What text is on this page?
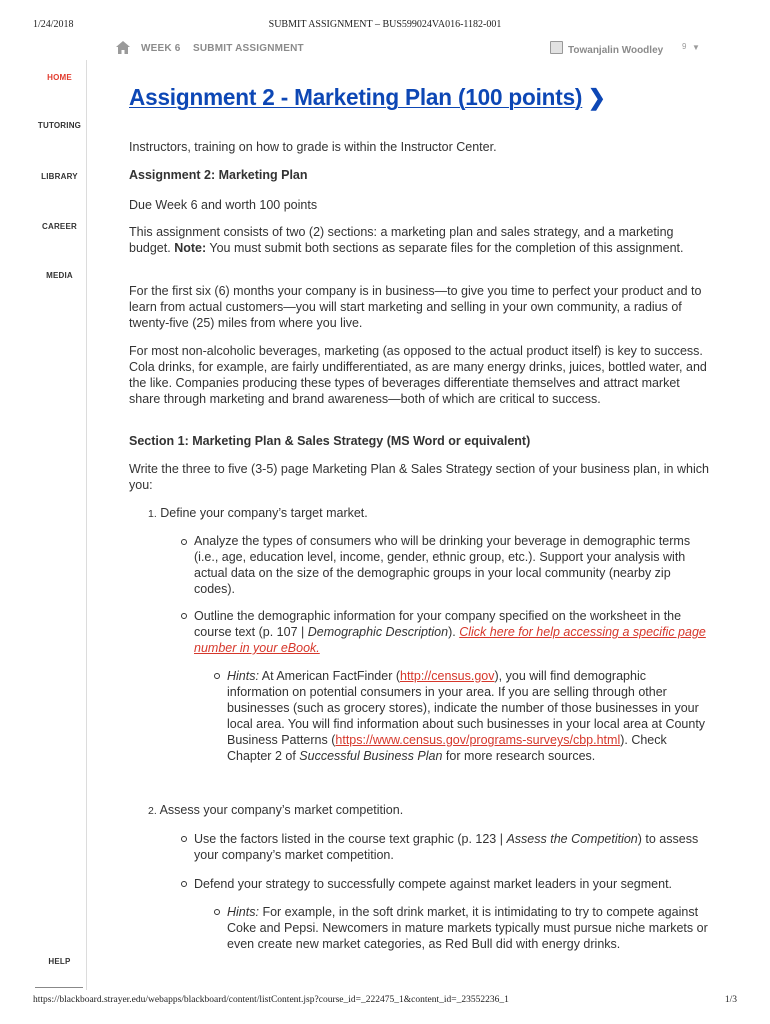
1/24/2018	SUBMIT ASSIGNMENT – BUS599024VA016-1182-001
https://blackboard.strayer.edu/webapps/blackboard/content/listContent.jsp?course_id=_222475_1&content_id=_23552236_1	1/3
WEEK 6 SUBMIT ASSIGNMENT	Towanjalin Woodley 9 ▼
HOME
TUTORING
LIBRARY
CAREER
MEDIA
HELP
Assignment 2 - Marketing Plan (100 points) ❯
Instructors, training on how to grade is within the Instructor Center.
Assignment 2: Marketing Plan
Due Week 6 and worth 100 points
This assignment consists of two (2) sections: a marketing plan and sales strategy, and a marketing budget. Note: You must submit both sections as separate files for the completion of this assignment.
For the first six (6) months your company is in business—to give you time to perfect your product and to learn from actual customers—you will start marketing and selling in your own community, a radius of twenty-five (25) miles from where you live.
For most non-alcoholic beverages, marketing (as opposed to the actual product itself) is key to success. Cola drinks, for example, are fairly undifferentiated, as are many energy drinks, juices, bottled water, and the like. Companies producing these types of beverages differentiate themselves and attract market share through marketing and brand awareness—both of which are critical to success.
Section 1: Marketing Plan & Sales Strategy (MS Word or equivalent)
Write the three to five (3-5) page Marketing Plan & Sales Strategy section of your business plan, in which you:
1. Define your company’s target market.
Analyze the types of consumers who will be drinking your beverage in demographic terms (i.e., age, education level, income, gender, ethnic group, etc.). Support your analysis with actual data on the size of the demographic groups in your local community (nearby zip codes).
Outline the demographic information for your company specified on the worksheet in the course text (p. 107 | Demographic Description). Click here for help accessing a specific page number in your eBook.
Hints: At American FactFinder (http://census.gov), you will find demographic information on potential consumers in your area. If you are selling through other businesses (such as grocery stores), indicate the number of those businesses in your local area. You will find information about such businesses in your local area at County Business Patterns (https://www.census.gov/programs-surveys/cbp.html). Check Chapter 2 of Successful Business Plan for more research sources.
2. Assess your company’s market competition.
Use the factors listed in the course text graphic (p. 123 | Assess the Competition) to assess your company’s market competition.
Defend your strategy to successfully compete against market leaders in your segment.
Hints: For example, in the soft drink market, it is intimidating to try to compete against Coke and Pepsi. Newcomers in mature markets typically must pursue niche markets or even create new market categories, as Red Bull did with energy drinks.
